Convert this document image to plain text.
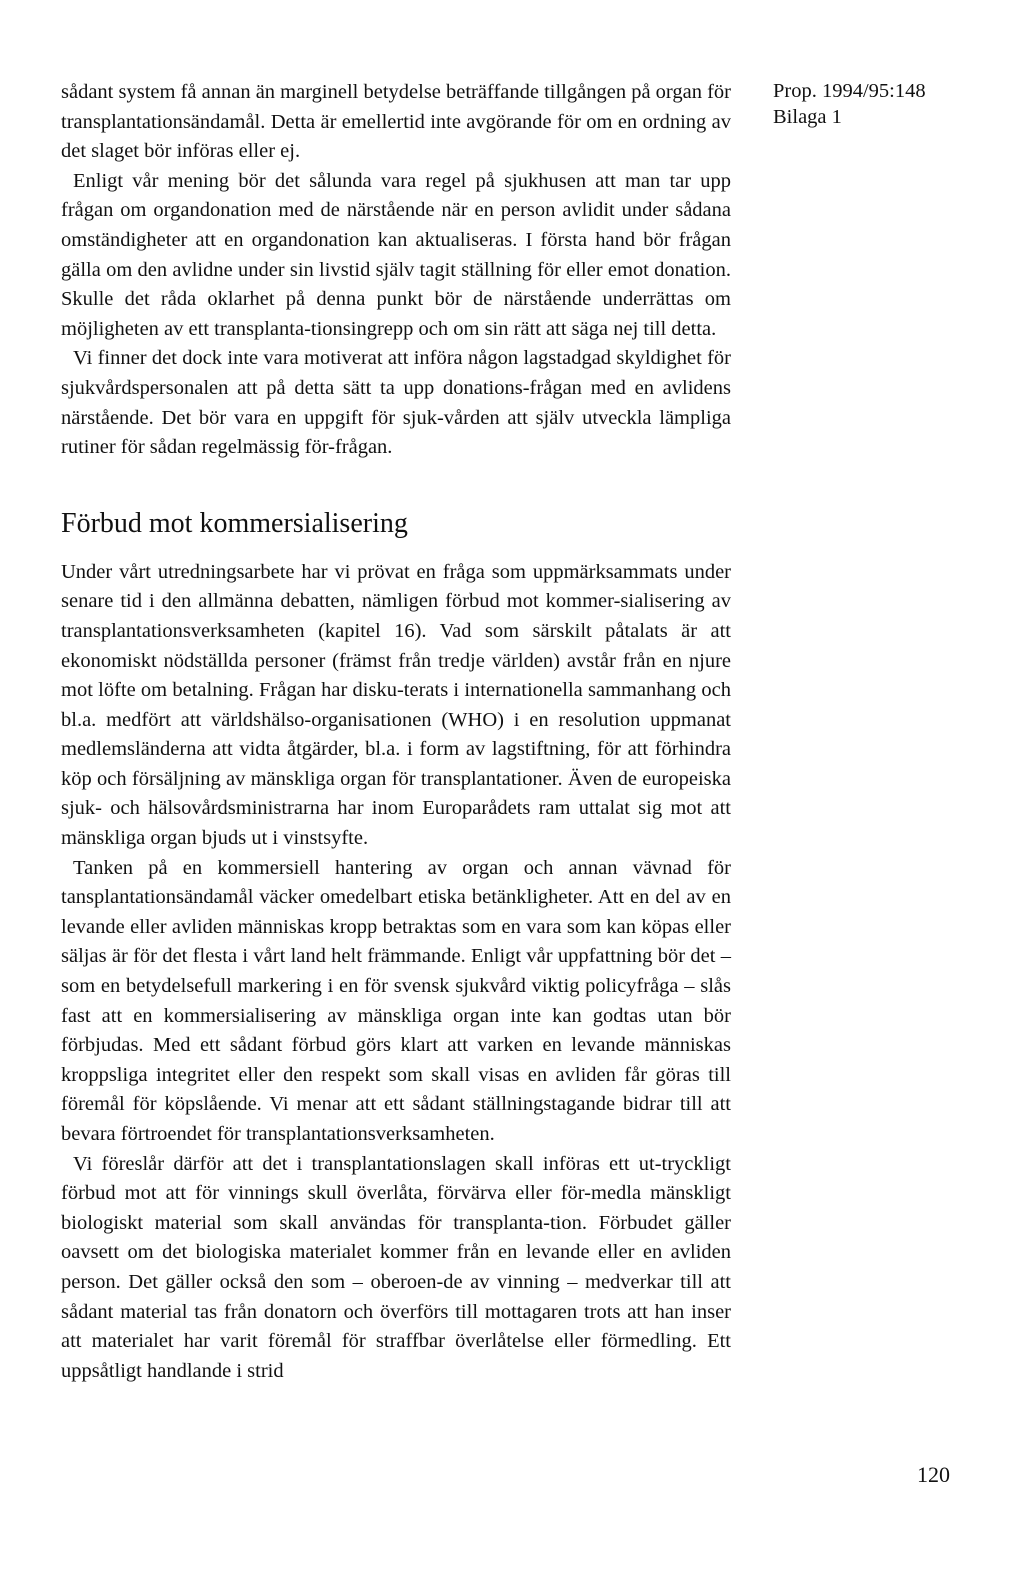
Prop. 1994/95:148
Bilaga 1

sådant system få annan än marginell betydelse beträffande tillgången på organ för transplantationsändamål. Detta är emellertid inte avgörande för om en ordning av det slaget bör införas eller ej.

Enligt vår mening bör det sålunda vara regel på sjukhusen att man tar upp frågan om organdonation med de närstående när en person avlidit under sådana omständigheter att en organdonation kan aktualiseras. I första hand bör frågan gälla om den avlidne under sin livstid själv tagit ställning för eller emot donation. Skulle det råda oklarhet på denna punkt bör de närstående underrättas om möjligheten av ett transplanta-tionsingrepp och om sin rätt att säga nej till detta.

Vi finner det dock inte vara motiverat att införa någon lagstadgad skyldighet för sjukvårdspersonalen att på detta sätt ta upp donations-frågan med en avlidens närstående. Det bör vara en uppgift för sjuk-vården att själv utveckla lämpliga rutiner för sådan regelmässig för-frågan.

Förbud mot kommersialisering

Under vårt utredningsarbete har vi prövat en fråga som uppmärksammats under senare tid i den allmänna debatten, nämligen förbud mot kommer-sialisering av transplantationsverksamheten (kapitel 16). Vad som särskilt påtalats är att ekonomiskt nödställda personer (främst från tredje världen) avstår från en njure mot löfte om betalning. Frågan har disku-terats i internationella sammanhang och bl.a. medfört att världshälso-organisationen (WHO) i en resolution uppmanat medlemsländerna att vidta åtgärder, bl.a. i form av lagstiftning, för att förhindra köp och försäljning av mänskliga organ för transplantationer. Även de europeiska sjuk- och hälsovårdsministrarna har inom Europarådets ram uttalat sig mot att mänskliga organ bjuds ut i vinstsyfte.

Tanken på en kommersiell hantering av organ och annan vävnad för tansplantationsändamål väcker omedelbart etiska betänkligheter. Att en del av en levande eller avliden människas kropp betraktas som en vara som kan köpas eller säljas är för det flesta i vårt land helt främmande. Enligt vår uppfattning bör det – som en betydelsefull markering i en för svensk sjukvård viktig policyfråga – slås fast att en kommersialisering av mänskliga organ inte kan godtas utan bör förbjudas. Med ett sådant förbud görs klart att varken en levande människas kroppsliga integritet eller den respekt som skall visas en avliden får göras till föremål för köpslående. Vi menar att ett sådant ställningstagande bidrar till att bevara förtroendet för transplantationsverksamheten.

Vi föreslår därför att det i transplantationslagen skall införas ett ut-tryckligt förbud mot att för vinnings skull överlåta, förvärva eller för-medla mänskligt biologiskt material som skall användas för transplanta-tion. Förbudet gäller oavsett om det biologiska materialet kommer från en levande eller en avliden person. Det gäller också den som – oberoen-de av vinning – medverkar till att sådant material tas från donatorn och överförs till mottagaren trots att han inser att materialet har varit föremål för straffbar överlåtelse eller förmedling. Ett uppsåtligt handlande i strid

120
